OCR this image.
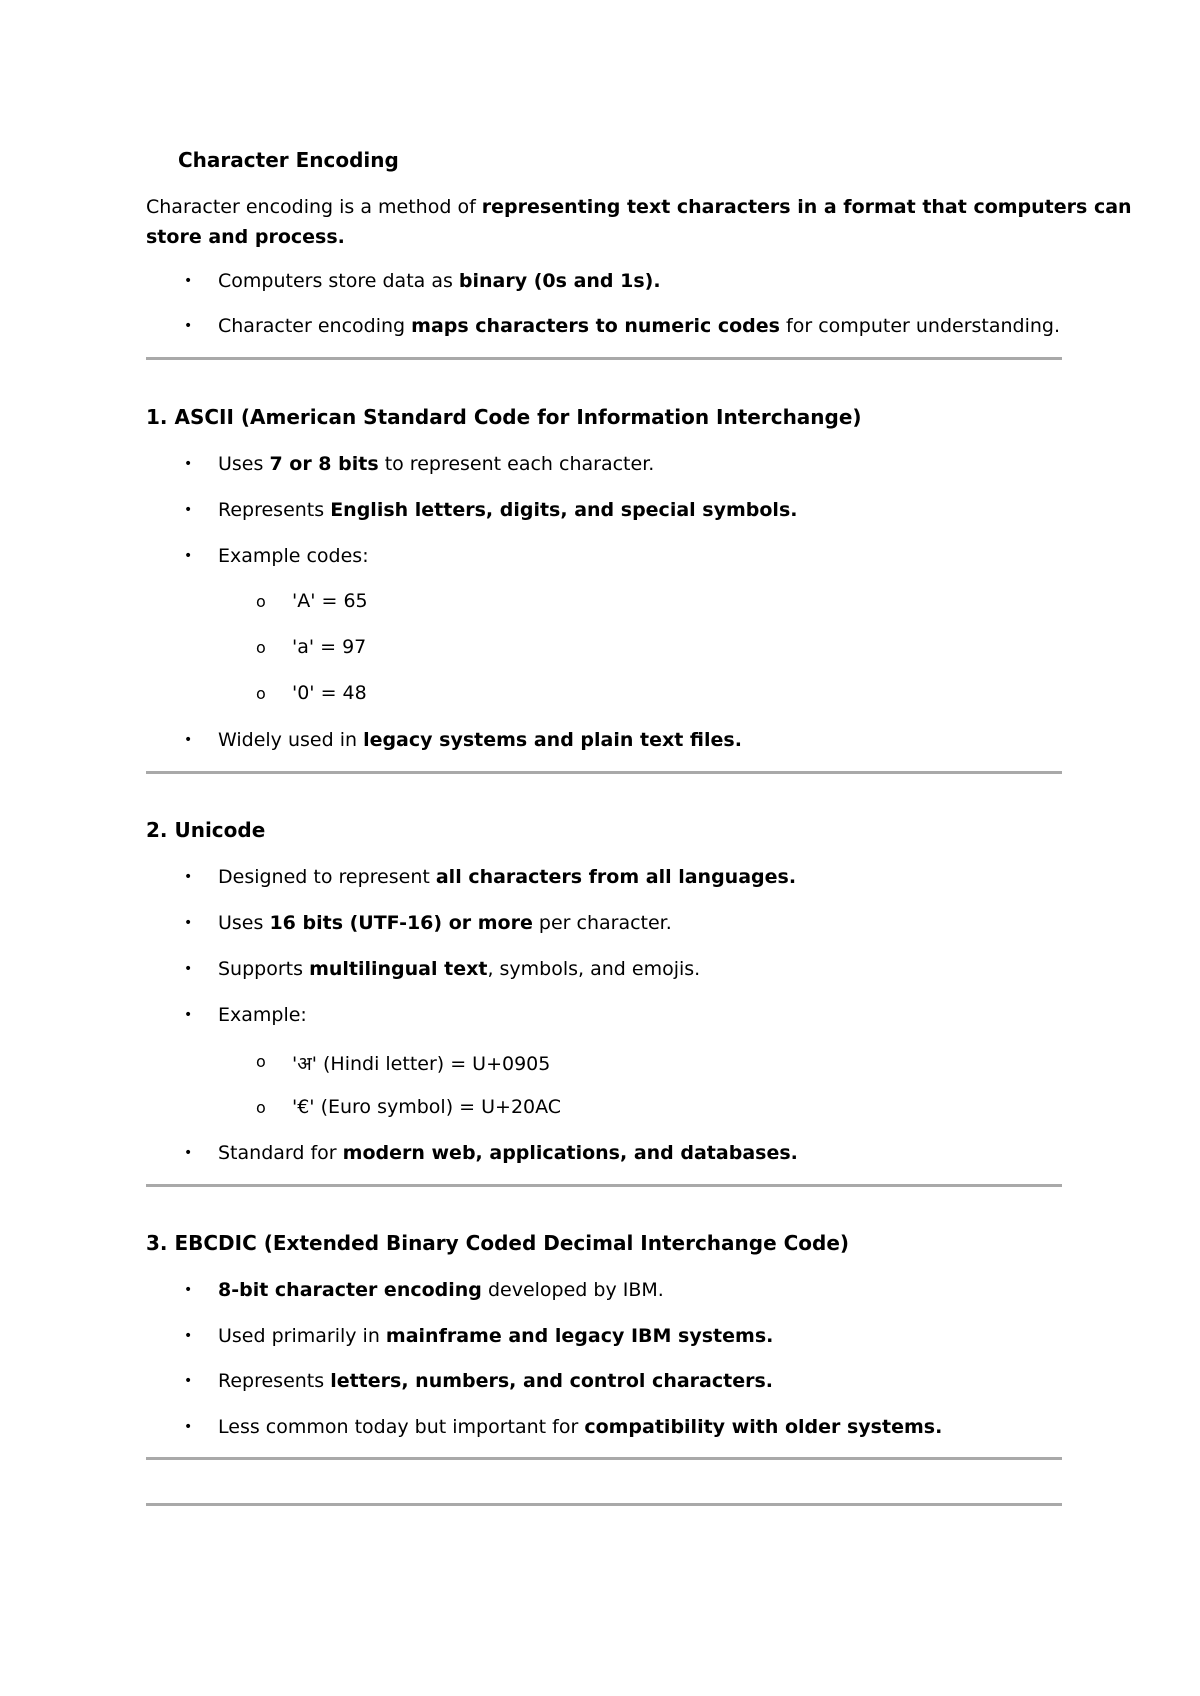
Character Encoding
Character encoding is a method of representing text characters in a format that computers can
store and process.
• Computers store data as binary (0s and 1s).
• Character encoding maps characters to numeric codes for computer understanding.
1. ASCII (American Standard Code for Information Interchange)
• Uses 7 or 8 bits to represent each character.
• Represents English letters, digits, and special symbols.
• Example codes:
o 'A' = 65
o 'a' = 97
o '0' = 48
• Widely used in legacy systems and plain text files.
2. Unicode
• Designed to represent all characters from all languages.
• Uses 16 bits (UTF-16) or more per character.
• Supports multilingual text, symbols, and emojis.
• Example:
o 'अ' (Hindi letter) = U+0905
o '€' (Euro symbol) = U+20AC
• Standard for modern web, applications, and databases.
3. EBCDIC (Extended Binary Coded Decimal Interchange Code)
• 8-bit character encoding developed by IBM.
• Used primarily in mainframe and legacy IBM systems.
• Represents letters, numbers, and control characters.
• Less common today but important for compatibility with older systems.
